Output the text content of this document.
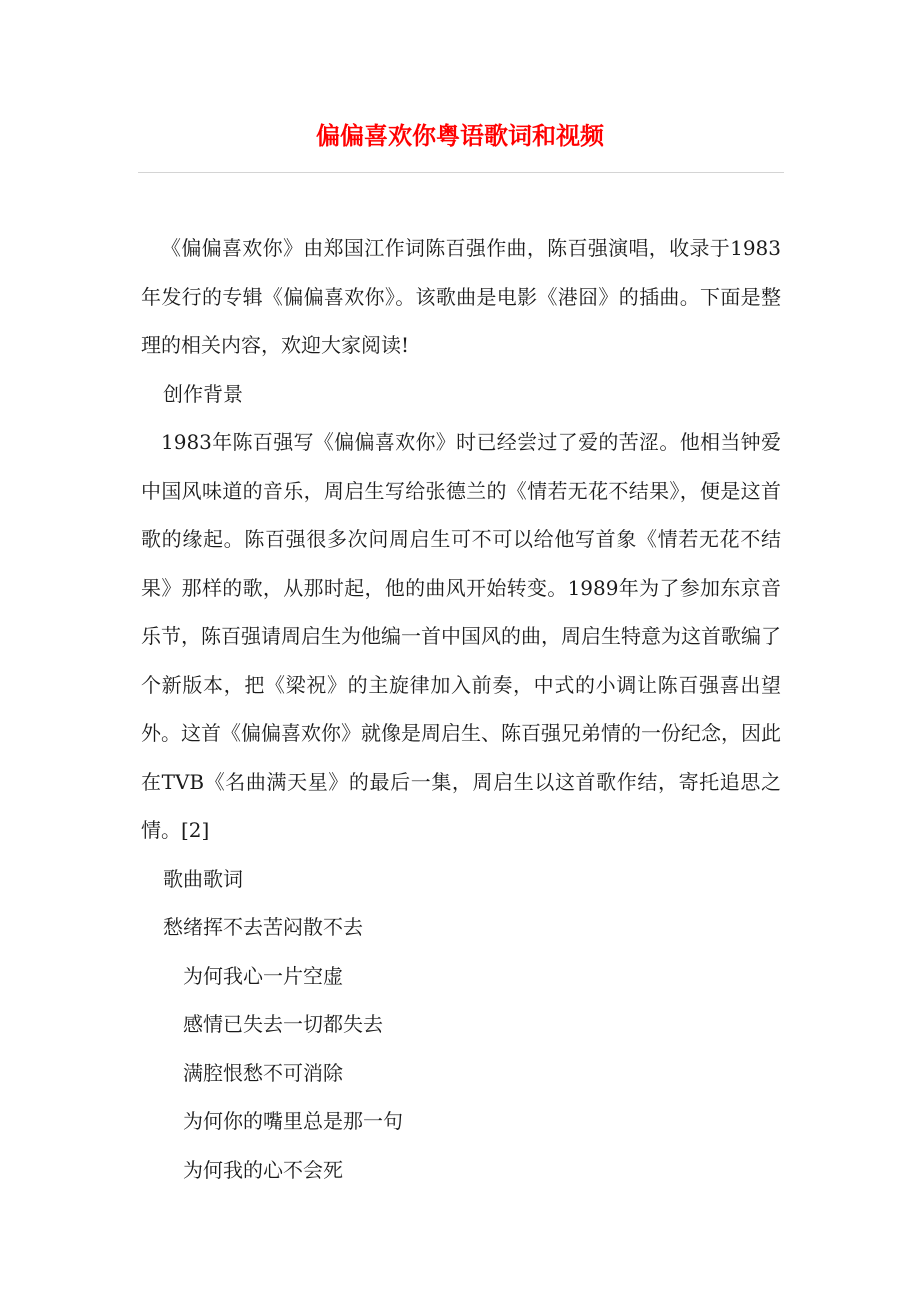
偏偏喜欢你粤语歌词和视频

《偏偏喜欢你》由郑国江作词陈百强作曲，陈百强演唱，收录于1983年发行的专辑《偏偏喜欢你》。该歌曲是电影《港囧》的插曲。下面是整理的相关内容，欢迎大家阅读!

创作背景

1983年陈百强写《偏偏喜欢你》时已经尝过了爱的苦涩。他相当钟爱中国风味道的音乐，周启生写给张德兰的《情若无花不结果》，便是这首歌的缘起。陈百强很多次问周启生可不可以给他写首象《情若无花不结果》那样的歌，从那时起，他的曲风开始转变。1989年为了参加东京音乐节，陈百强请周启生为他编一首中国风的曲，周启生特意为这首歌编了个新版本，把《梁祝》的主旋律加入前奏，中式的小调让陈百强喜出望外。这首《偏偏喜欢你》就像是周启生、陈百强兄弟情的一份纪念，因此在TVB《名曲满天星》的最后一集，周启生以这首歌作结，寄托追思之情。[2]

歌曲歌词

愁绪挥不去苦闷散不去

为何我心一片空虚

感情已失去一切都失去

满腔恨愁不可消除

为何你的嘴里总是那一句

为何我的心不会死
